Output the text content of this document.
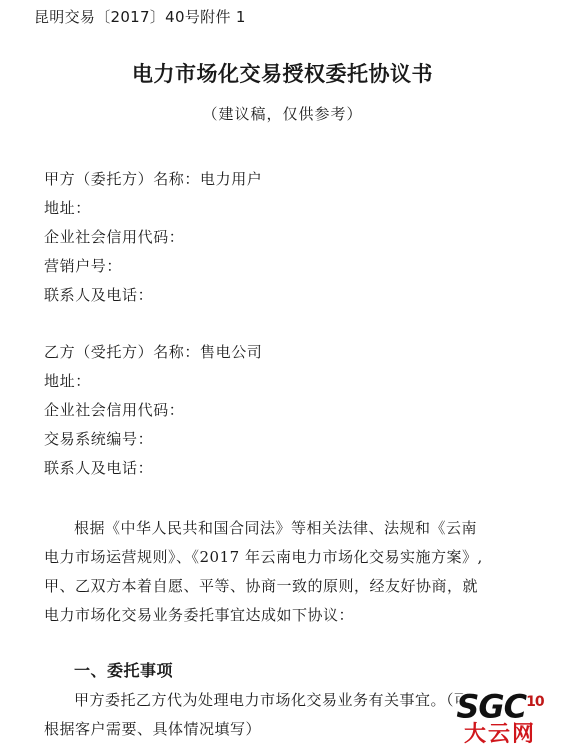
昆明交易〔2017〕40号附件 1
电力市场化交易授权委托协议书
（建议稿，仅供参考）
甲方（委托方）名称：电力用户
地址：
企业社会信用代码：
营销户号：
联系人及电话：
乙方（受托方）名称：售电公司
地址：
企业社会信用代码：
交易系统编号：
联系人及电话：
根据《中华人民共和国合同法》等相关法律、法规和《云南
电力市场运营规则》、《2017 年云南电力市场化交易实施方案》,
甲、乙双方本着自愿、平等、协商一致的原则，经友好协商，就
电力市场化交易业务委托事宜达成如下协议：
一、委托事项
甲方委托乙方代为处理电力市场化交易业务有关事宜。（可
根据客户需要、具体情况填写）
SGC$^{10}$
大云网
